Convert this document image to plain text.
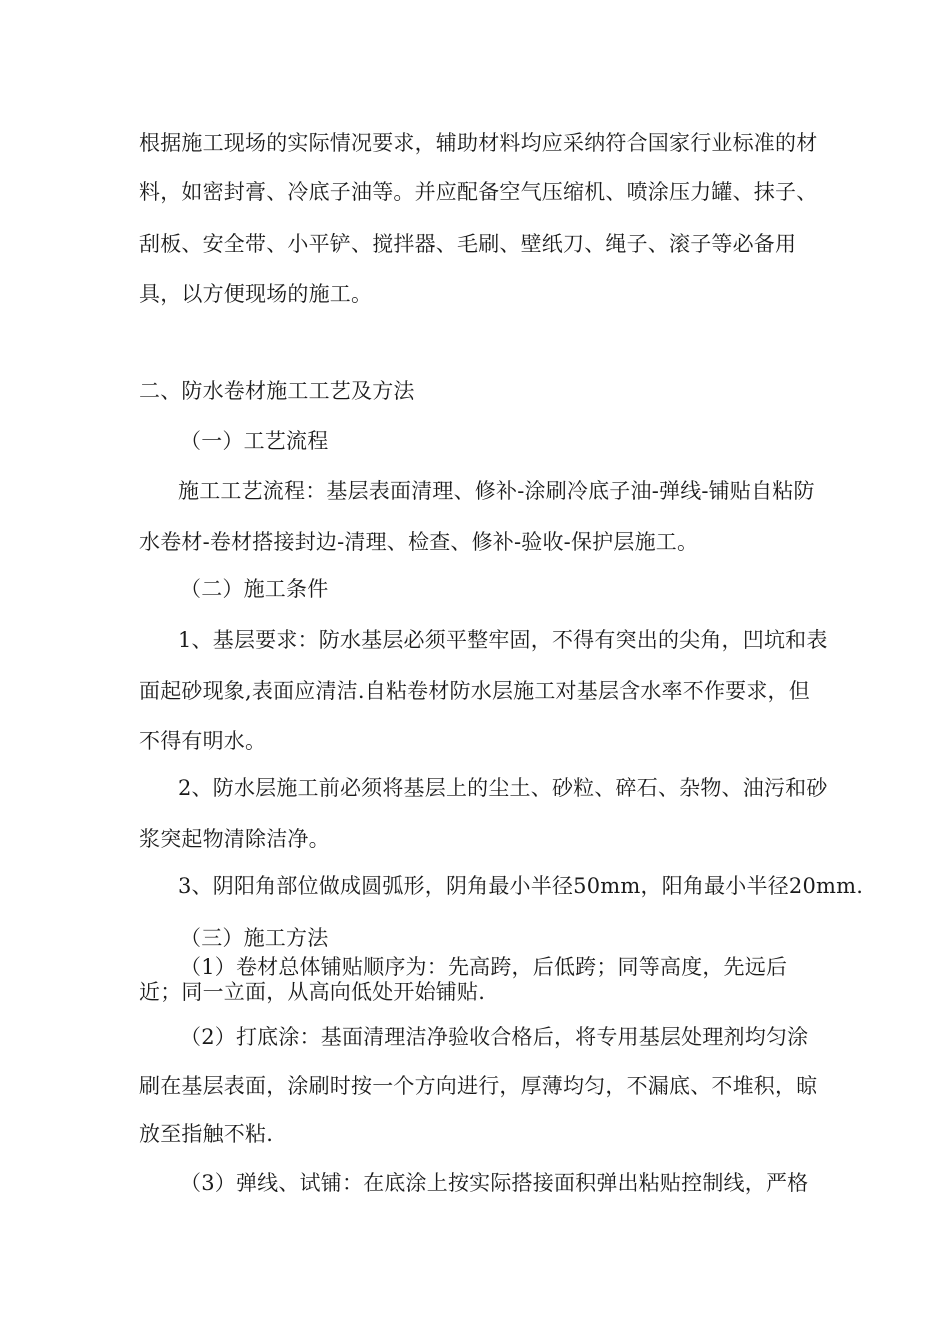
根据施工现场的实际情况要求，辅助材料均应采纳符合国家行业标准的材
料，如密封膏、冷底子油等。并应配备空气压缩机、喷涂压力罐、抹子、
刮板、安全带、小平铲、搅拌器、毛刷、壁纸刀、绳子、滚子等必备用
具，以方便现场的施工。
二、防水卷材施工工艺及方法
（一）工艺流程
施工工艺流程：基层表面清理、修补-涂刷冷底子油-弹线-铺贴自粘防
水卷材-卷材搭接封边-清理、检查、修补-验收-保护层施工。
（二）施工条件
1、基层要求：防水基层必须平整牢固，不得有突出的尖角，凹坑和表
面起砂现象,表面应清洁.自粘卷材防水层施工对基层含水率不作要求，但
不得有明水。
2、防水层施工前必须将基层上的尘土、砂粒、碎石、杂物、油污和砂
浆突起物清除洁净。
3、阴阳角部位做成圆弧形，阴角最小半径50mm，阳角最小半径20mm.
（三）施工方法
（1）卷材总体铺贴顺序为：先高跨，后低跨；同等高度，先远后
近；同一立面，从高向低处开始铺贴.
（2）打底涂：基面清理洁净验收合格后，将专用基层处理剂均匀涂
刷在基层表面，涂刷时按一个方向进行，厚薄均匀，不漏底、不堆积，晾
放至指触不粘.
（3）弹线、试铺：在底涂上按实际搭接面积弹出粘贴控制线，严格
